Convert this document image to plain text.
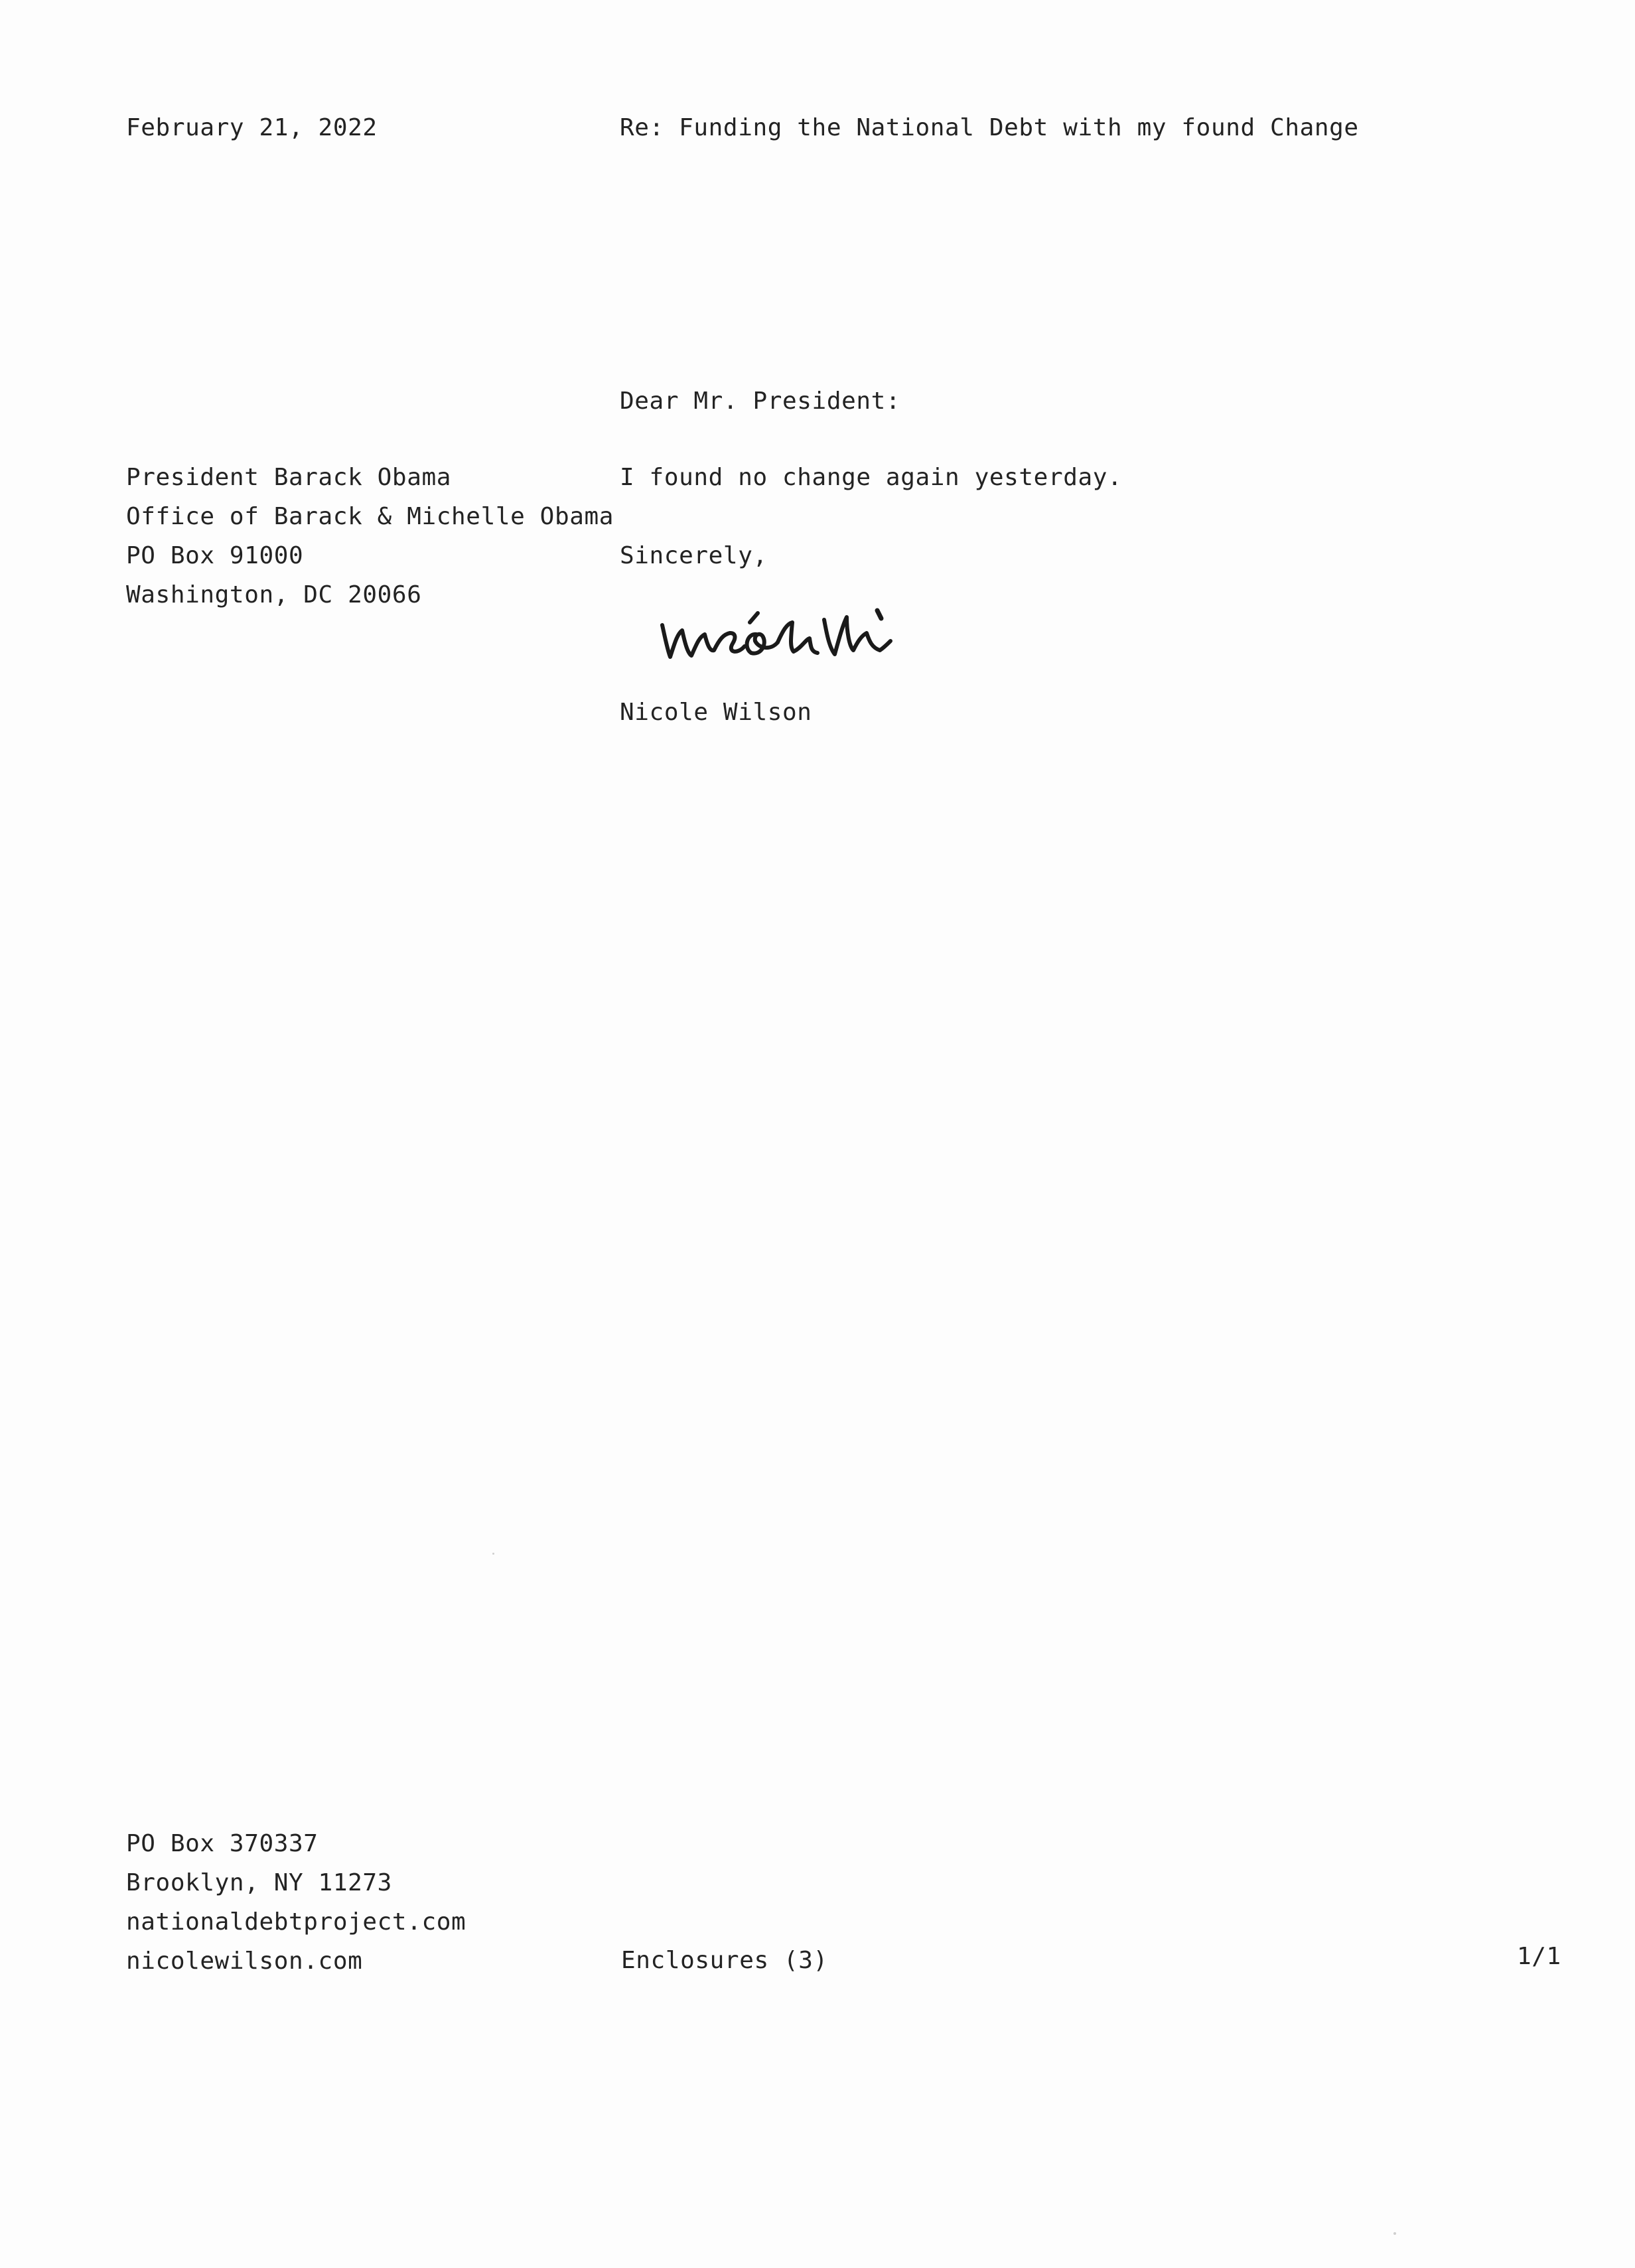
February 21, 2022	Re: Funding the National Debt with my found Change
Dear Mr. President:
President Barack Obama
Office of Barack & Michelle Obama
PO Box 91000
Washington, DC 20066
I found no change again yesterday.
Sincerely,
Nicole Wilson
PO Box 370337
Brooklyn, NY 11273
nationaldebtproject.com
nicolewilson.com	Enclosures (3)	1/1
